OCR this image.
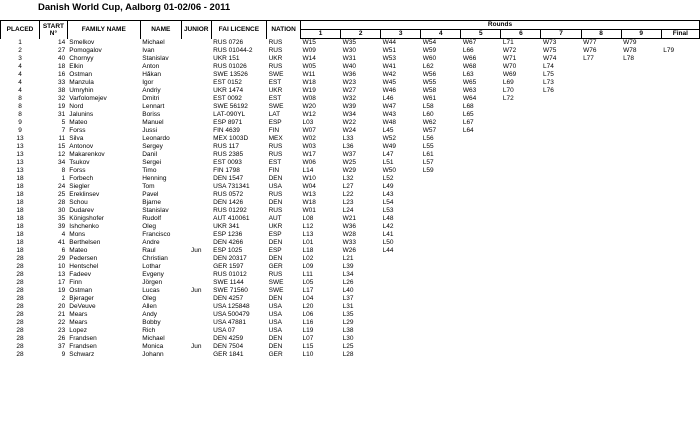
Danish World Cup, Aalborg 01-02/06 - 2011
PLACED	START N°	FAMILY NAME	NAME	JUNIOR	FAI LICENCE	NATION	Rounds									
							1	2	3	4	5	6	7	8	9	Final
1	14	Smelkov	Michael		RUS 0726	RUS	W15	W35	W44	W54	W67	L71	W73	W77	W79	
2	27	Pomogalov	Ivan		RUS 01044-2	RUS	W09	W30	W51	W59	L66	W72	W75	W76	W78	L79
3	40	Chornyy	Stanislav		UKR 151	UKR	W14	W31	W53	W60	W66	W71	W74	L77	L78	
4	18	Elkin	Anton		RUS 01026	RUS	W05	W40	W41	L62	W68	W70	L74			
4	16	Östman	Håkan		SWE 13526	SWE	W11	W36	W42	W56	L63	W69	L75			
4	33	Manzula	Igor		EST 0152	EST	W18	W23	W45	W55	W65	L69	L73			
4	38	Umryhin	Andriy		UKR 1474	UKR	W19	W27	W46	W58	W63	L70	L76			
8	32	Varfolomejev	Dmitri		EST 0092	EST	W08	W32	L46	W61	W64	L72				
8	19	Nord	Lennart		SWE 56192	SWE	W20	W39	W47	L58	L68					
8	31	Jalunins	Boriss		LAT-090YL	LAT	W12	W34	W43	L60	L65					
9	5	Mateo	Manuel		ESP 8971	ESP	L03	W22	W48	W62	L67					
9	7	Forss	Jussi		FIN 4639	FIN	W07	W24	L45	W57	L64					
13	11	Silva	Leonardo		MEX 1003D	MEX	W02	L33	W52	L56						
13	15	Antonov	Sergey		RUS 117	RUS	W03	L36	W49	L55						
13	12	Makarenkov	Danil		RUS 2385	RUS	W17	W37	L47	L61						
13	34	Tsukov	Sergei		EST 0093	EST	W06	W25	L51	L57						
13	8	Forss	Timo		FIN 1798	FIN	L14	W29	W50	L59						
18	1	Forbech	Henning		DEN 1547	DEN	W10	L32	L52							
18	24	Siegler	Tom		USA 731341	USA	W04	L27	L49							
18	25	Ereklinsev	Pavel		RUS 0572	RUS	W13	L22	L43							
18	28	Schou	Bjarne		DEN 1426	DEN	W18	L23	L54							
18	30	Dudarev	Stanislav		RUS 01292	RUS	W01	L24	L53							
18	35	Königshofer	Rudolf		AUT 410061	AUT	L08	W21	L48							
18	39	Ishchenko	Oleg		UKR 341	UKR	L12	W36	L42							
18	4	Mons	Francisco		ESP 1236	ESP	L13	W28	L41							
18	41	Berthelsen	Andre		DEN 4266	DEN	L01	W33	L50							
18	6	Mateo	Raul	Jun	ESP 1025	ESP	L18	W26	L44							
28	29	Pedersen	Christian		DEN 20317	DEN	L02	L21								
28	10	Hentschel	Lothar		GER 1597	GER	L09	L39								
28	13	Fadeev	Evgeny		RUS 01012	RUS	L11	L34								
28	17	Finn	Jörgen		SWE 1144	SWE	L05	L26								
28	19	Östman	Lucas	Jun	SWE 71560	SWE	L17	L40								
28	2	Bjerager	Oleg		DEN 4257	DEN	L04	L37								
28	20	DeVeuve	Allen		USA 125848	USA	L20	L31								
28	21	Mears	Andy		USA 500479	USA	L06	L35								
28	22	Mears	Bobby		USA 47881	USA	L16	L29								
28	23	Lopez	Rich		USA 07	USA	L19	L38								
28	26	Frandsen	Michael		DEN 4259	DEN	L07	L30								
28	37	Frandsen	Monica	Jun	DEN 7504	DEN	L15	L25								
28	9	Schwarz	Johann		GER 1841	GER	L10	L28								
